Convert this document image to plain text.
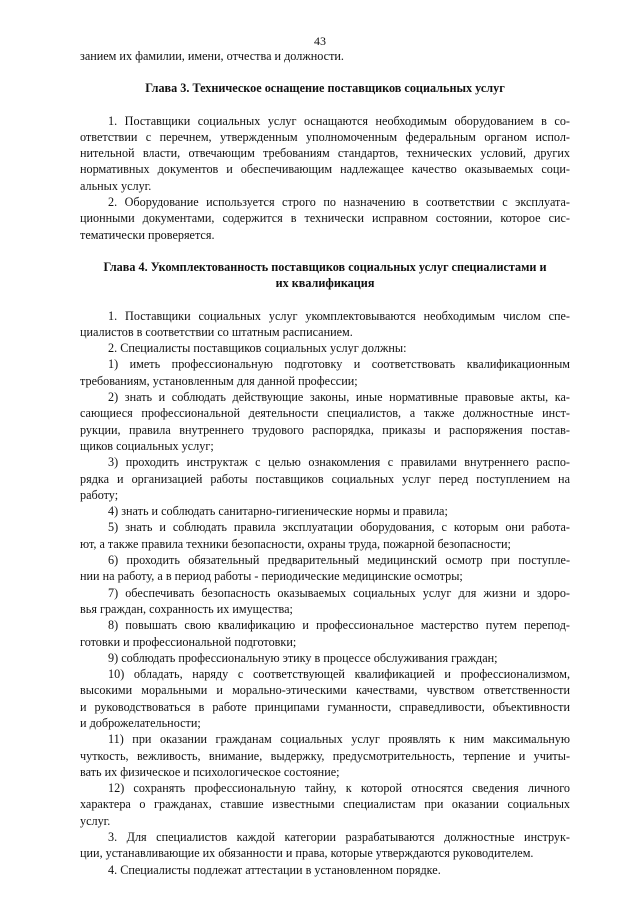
43
занием их фамилии, имени, отчества и должности.
Глава 3. Техническое оснащение поставщиков социальных услуг
1. Поставщики социальных услуг оснащаются необходимым оборудованием в со-
ответствии с перечнем, утвержденным уполномоченным федеральным органом испол-
нительной власти, отвечающим требованиям стандартов, технических условий, других
нормативных документов и обеспечивающим надлежащее качество оказываемых соци-
альных услуг.
2. Оборудование используется строго по назначению в соответствии с эксплуата-
ционными документами, содержится в технически исправном состоянии, которое сис-
тематически проверяется.
Глава 4. Укомплектованность поставщиков социальных услуг специалистами и
их квалификация
1. Поставщики социальных услуг укомплектовываются необходимым числом спе-
циалистов в соответствии со штатным расписанием.
2. Специалисты поставщиков социальных услуг должны:
1) иметь профессиональную подготовку и соответствовать квалификационным
требованиям, установленным для данной профессии;
2) знать и соблюдать действующие законы, иные нормативные правовые акты, ка-
сающиеся профессиональной деятельности специалистов, а также должностные инст-
рукции, правила внутреннего трудового распорядка, приказы и распоряжения постав-
щиков социальных услуг;
3) проходить инструктаж с целью ознакомления с правилами внутреннего распо-
рядка и организацией работы поставщиков социальных услуг перед поступлением на
работу;
4) знать и соблюдать санитарно-гигиенические нормы и правила;
5) знать и соблюдать правила эксплуатации оборудования, с которым они работа-
ют, а также правила техники безопасности, охраны труда, пожарной безопасности;
6) проходить обязательный предварительный медицинский осмотр при поступле-
нии на работу, а в период работы - периодические медицинские осмотры;
7) обеспечивать безопасность оказываемых социальных услуг для жизни и здоро-
вья граждан, сохранность их имущества;
8) повышать свою квалификацию и профессиональное мастерство путем перепод-
готовки и профессиональной подготовки;
9) соблюдать профессиональную этику в процессе обслуживания граждан;
10) обладать, наряду с соответствующей квалификацией и профессионализмом,
высокими моральными и морально-этическими качествами, чувством ответственности
и руководствоваться в работе принципами гуманности, справедливости, объективности
и доброжелательности;
11) при оказании гражданам социальных услуг проявлять к ним максимальную
чуткость, вежливость, внимание, выдержку, предусмотрительность, терпение и учиты-
вать их физическое и психологическое состояние;
12) сохранять профессиональную тайну, к которой относятся сведения личного
характера о гражданах, ставшие известными специалистам при оказании социальных
услуг.
3. Для специалистов каждой категории разрабатываются должностные инструк-
ции, устанавливающие их обязанности и права, которые утверждаются руководителем.
4. Специалисты подлежат аттестации в установленном порядке.
